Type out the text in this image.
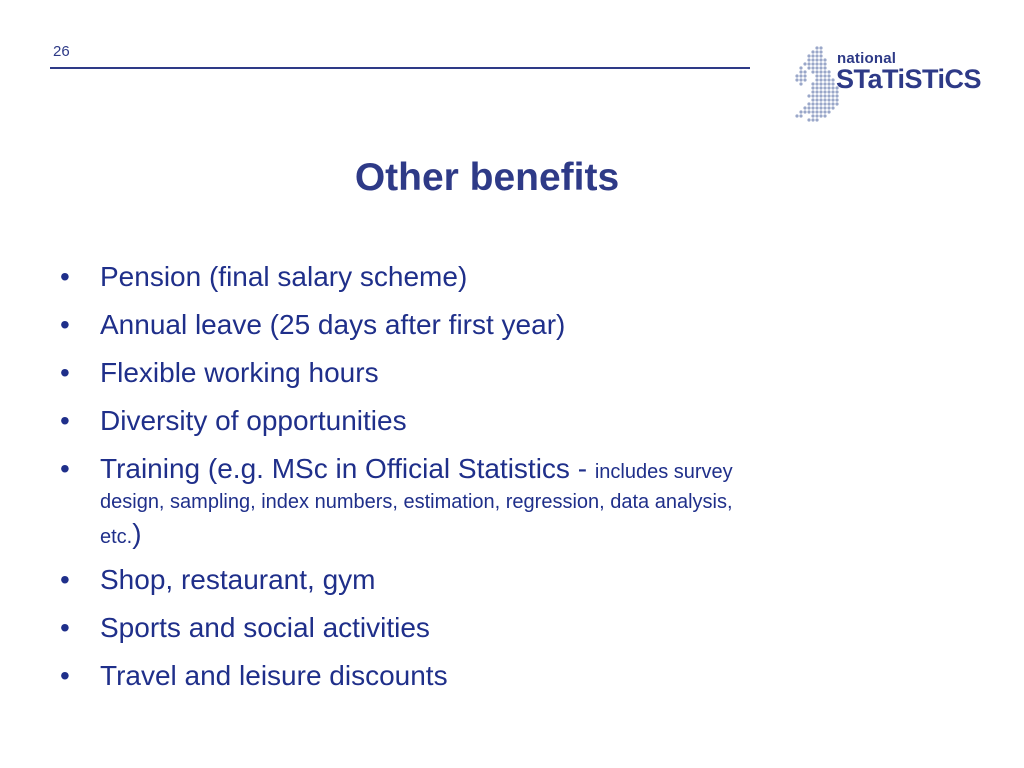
26	national
STaTiSTiCS
Other benefits
• Pension (final salary scheme)
• Annual leave (25 days after first year)
• Flexible working hours
• Diversity of opportunities
• Training (e.g. MSc in Official Statistics - includes survey
design, sampling, index numbers, estimation, regression, data analysis,
etc.)
• Shop, restaurant, gym
• Sports and social activities
• Travel and leisure discounts
